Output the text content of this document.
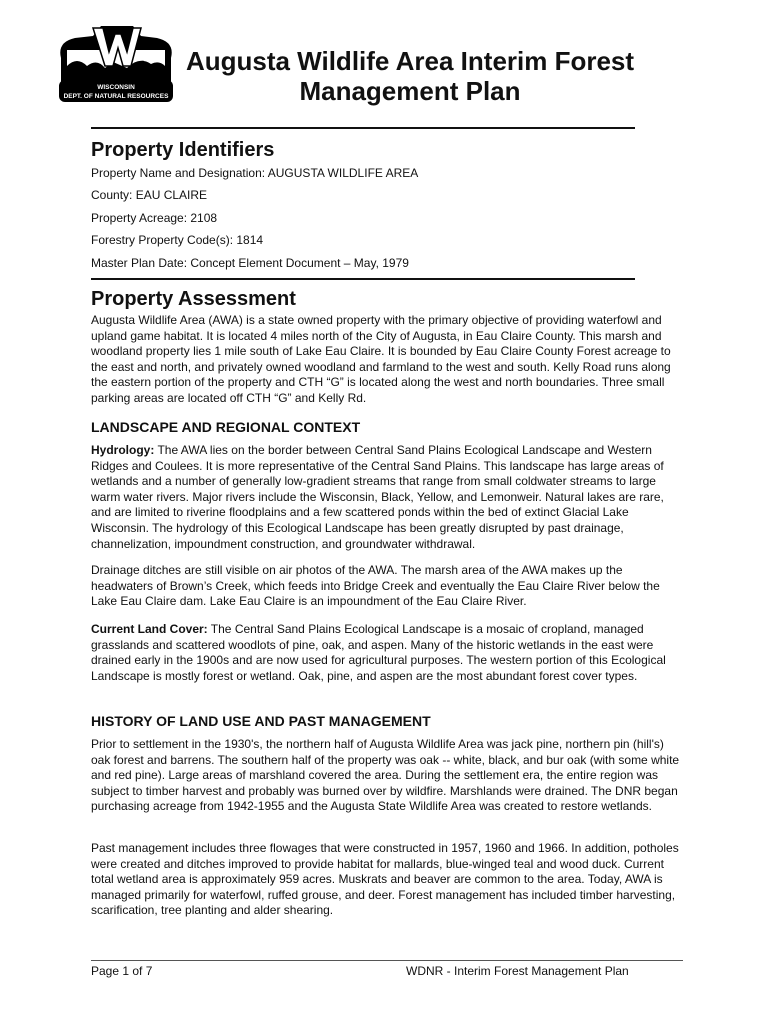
WISCONSIN
DEPT. OF NATURAL RESOURCES
Augusta Wildlife Area Interim Forest
Management Plan
Property Identifiers

Property Name and Designation: AUGUSTA WILDLIFE AREA

County: EAU CLAIRE

Property Acreage: 2108

Forestry Property Code(s): 1814

Master Plan Date: Concept Element Document – May, 1979

Property Assessment

Augusta Wildlife Area (AWA) is a state owned property with the primary objective of providing waterfowl and upland game habitat. It is located 4 miles north of the City of Augusta, in Eau Claire County. This marsh and woodland property lies 1 mile south of Lake Eau Claire. It is bounded by Eau Claire County Forest acreage to the east and north, and privately owned woodland and farmland to the west and south. Kelly Road runs along the eastern portion of the property and CTH “G” is located along the west and north boundaries. Three small parking areas are located off CTH “G” and Kelly Rd.

LANDSCAPE AND REGIONAL CONTEXT

Hydrology: The AWA lies on the border between Central Sand Plains Ecological Landscape and Western Ridges and Coulees. It is more representative of the Central Sand Plains. This landscape has large areas of wetlands and a number of generally low-gradient streams that range from small coldwater streams to large warm water rivers. Major rivers include the Wisconsin, Black, Yellow, and Lemonweir. Natural lakes are rare, and are limited to riverine floodplains and a few scattered ponds within the bed of extinct Glacial Lake Wisconsin. The hydrology of this Ecological Landscape has been greatly disrupted by past drainage, channelization, impoundment construction, and groundwater withdrawal.

Drainage ditches are still visible on air photos of the AWA. The marsh area of the AWA makes up the headwaters of Brown’s Creek, which feeds into Bridge Creek and eventually the Eau Claire River below the Lake Eau Claire dam. Lake Eau Claire is an impoundment of the Eau Claire River.

Current Land Cover: The Central Sand Plains Ecological Landscape is a mosaic of cropland, managed grasslands and scattered woodlots of pine, oak, and aspen. Many of the historic wetlands in the east were drained early in the 1900s and are now used for agricultural purposes. The western portion of this Ecological Landscape is mostly forest or wetland. Oak, pine, and aspen are the most abundant forest cover types.

HISTORY OF LAND USE AND PAST MANAGEMENT

Prior to settlement in the 1930's, the northern half of Augusta Wildlife Area was jack pine, northern pin (hill's) oak forest and barrens. The southern half of the property was oak -- white, black, and bur oak (with some white and red pine). Large areas of marshland covered the area. During the settlement era, the entire region was subject to timber harvest and probably was burned over by wildfire. Marshlands were drained. The DNR began purchasing acreage from 1942-1955 and the Augusta State Wildlife Area was created to restore wetlands.

Past management includes three flowages that were constructed in 1957, 1960 and 1966. In addition, potholes were created and ditches improved to provide habitat for mallards, blue-winged teal and wood duck. Current total wetland area is approximately 959 acres. Muskrats and beaver are common to the area. Today, AWA is managed primarily for waterfowl, ruffed grouse, and deer. Forest management has included timber harvesting, scarification, tree planting and alder shearing.

Page 1 of 7	WDNR - Interim Forest Management Plan
